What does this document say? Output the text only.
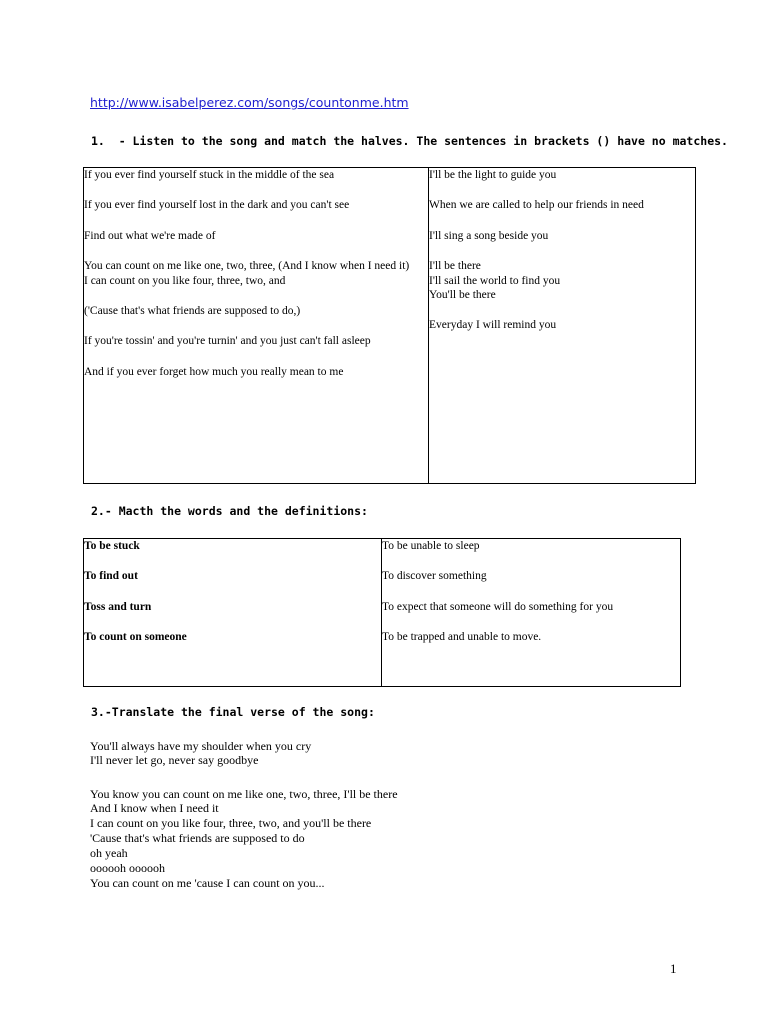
http://www.isabelperez.com/songs/countonme.htm
1.  - Listen to the song and match the halves. The sentences in brackets () have no matches.
If you ever find yourself stuck in the middle of the sea
If you ever find yourself lost in the dark and you can't see
Find out what we're made of
You can count on me like one, two, three, (And I know when I need it)
I can count on you like four, three, two, and
('Cause that's what friends are supposed to do,)
If you're tossin' and you're turnin' and you just can't fall asleep
And if you ever forget how much you really mean to me
I'll be the light to guide you
When we are called to help our friends in need
I'll sing a song beside you
I'll be there
I'll sail the world to find you
You'll be there
Everyday I will remind you
2.- Macth the words and the definitions:
To be stuck
To find out
Toss and turn
To count on someone
To be unable to sleep
To discover something
To expect that someone will do something for you
To be trapped and unable to move.
3.-Translate the final verse of the song:
You'll always have my shoulder when you cry
I'll never let go, never say goodbye
You know you can count on me like one, two, three, I'll be there
And I know when I need it
I can count on you like four, three, two, and you'll be there
'Cause that's what friends are supposed to do
oh yeah
oooooh oooooh
You can count on me 'cause I can count on you...
1
